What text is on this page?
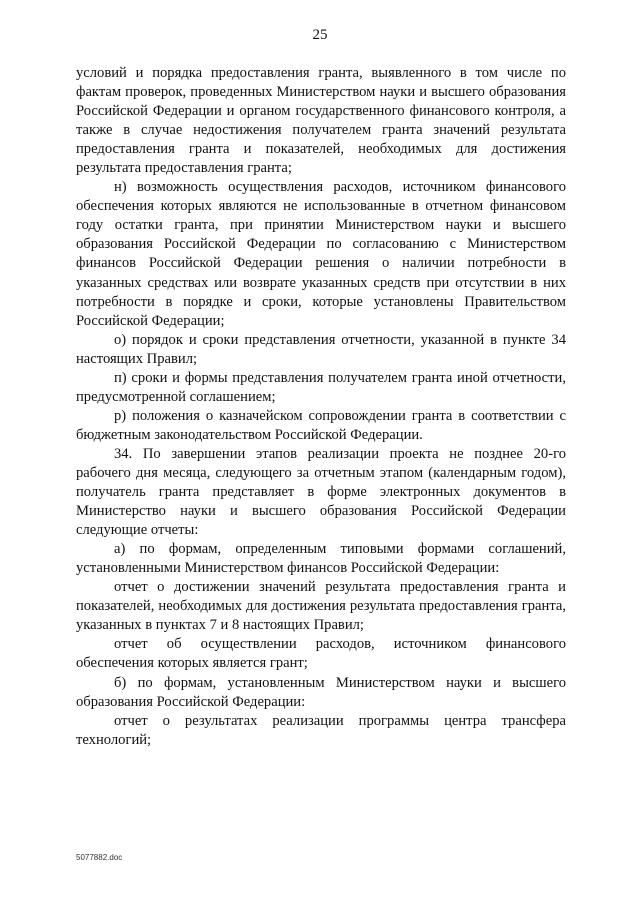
25

условий и порядка предоставления гранта, выявленного в том числе по фактам проверок, проведенных Министерством науки и высшего образования Российской Федерации и органом государственного финансового контроля, а также в случае недостижения получателем гранта значений результата предоставления гранта и показателей, необходимых для достижения результата предоставления гранта;

н) возможность осуществления расходов, источником финансового обеспечения которых являются не использованные в отчетном финансовом году остатки гранта, при принятии Министерством науки и высшего образования Российской Федерации по согласованию с Министерством финансов Российской Федерации решения о наличии потребности в указанных средствах или возврате указанных средств при отсутствии в них потребности в порядке и сроки, которые установлены Правительством Российской Федерации;

о) порядок и сроки представления отчетности, указанной в пункте 34 настоящих Правил;

п) сроки и формы представления получателем гранта иной отчетности, предусмотренной соглашением;

р) положения о казначейском сопровождении гранта в соответствии с бюджетным законодательством Российской Федерации.

34. По завершении этапов реализации проекта не позднее 20-го рабочего дня месяца, следующего за отчетным этапом (календарным годом), получатель гранта представляет в форме электронных документов в Министерство науки и высшего образования Российской Федерации следующие отчеты:

а) по формам, определенным типовыми формами соглашений, установленными Министерством финансов Российской Федерации:

отчет о достижении значений результата предоставления гранта и показателей, необходимых для достижения результата предоставления гранта, указанных в пунктах 7 и 8 настоящих Правил;

отчет об осуществлении расходов, источником финансового обеспечения которых является грант;

б) по формам, установленным Министерством науки и высшего образования Российской Федерации:

отчет о результатах реализации программы центра трансфера технологий;

5077882.doc
